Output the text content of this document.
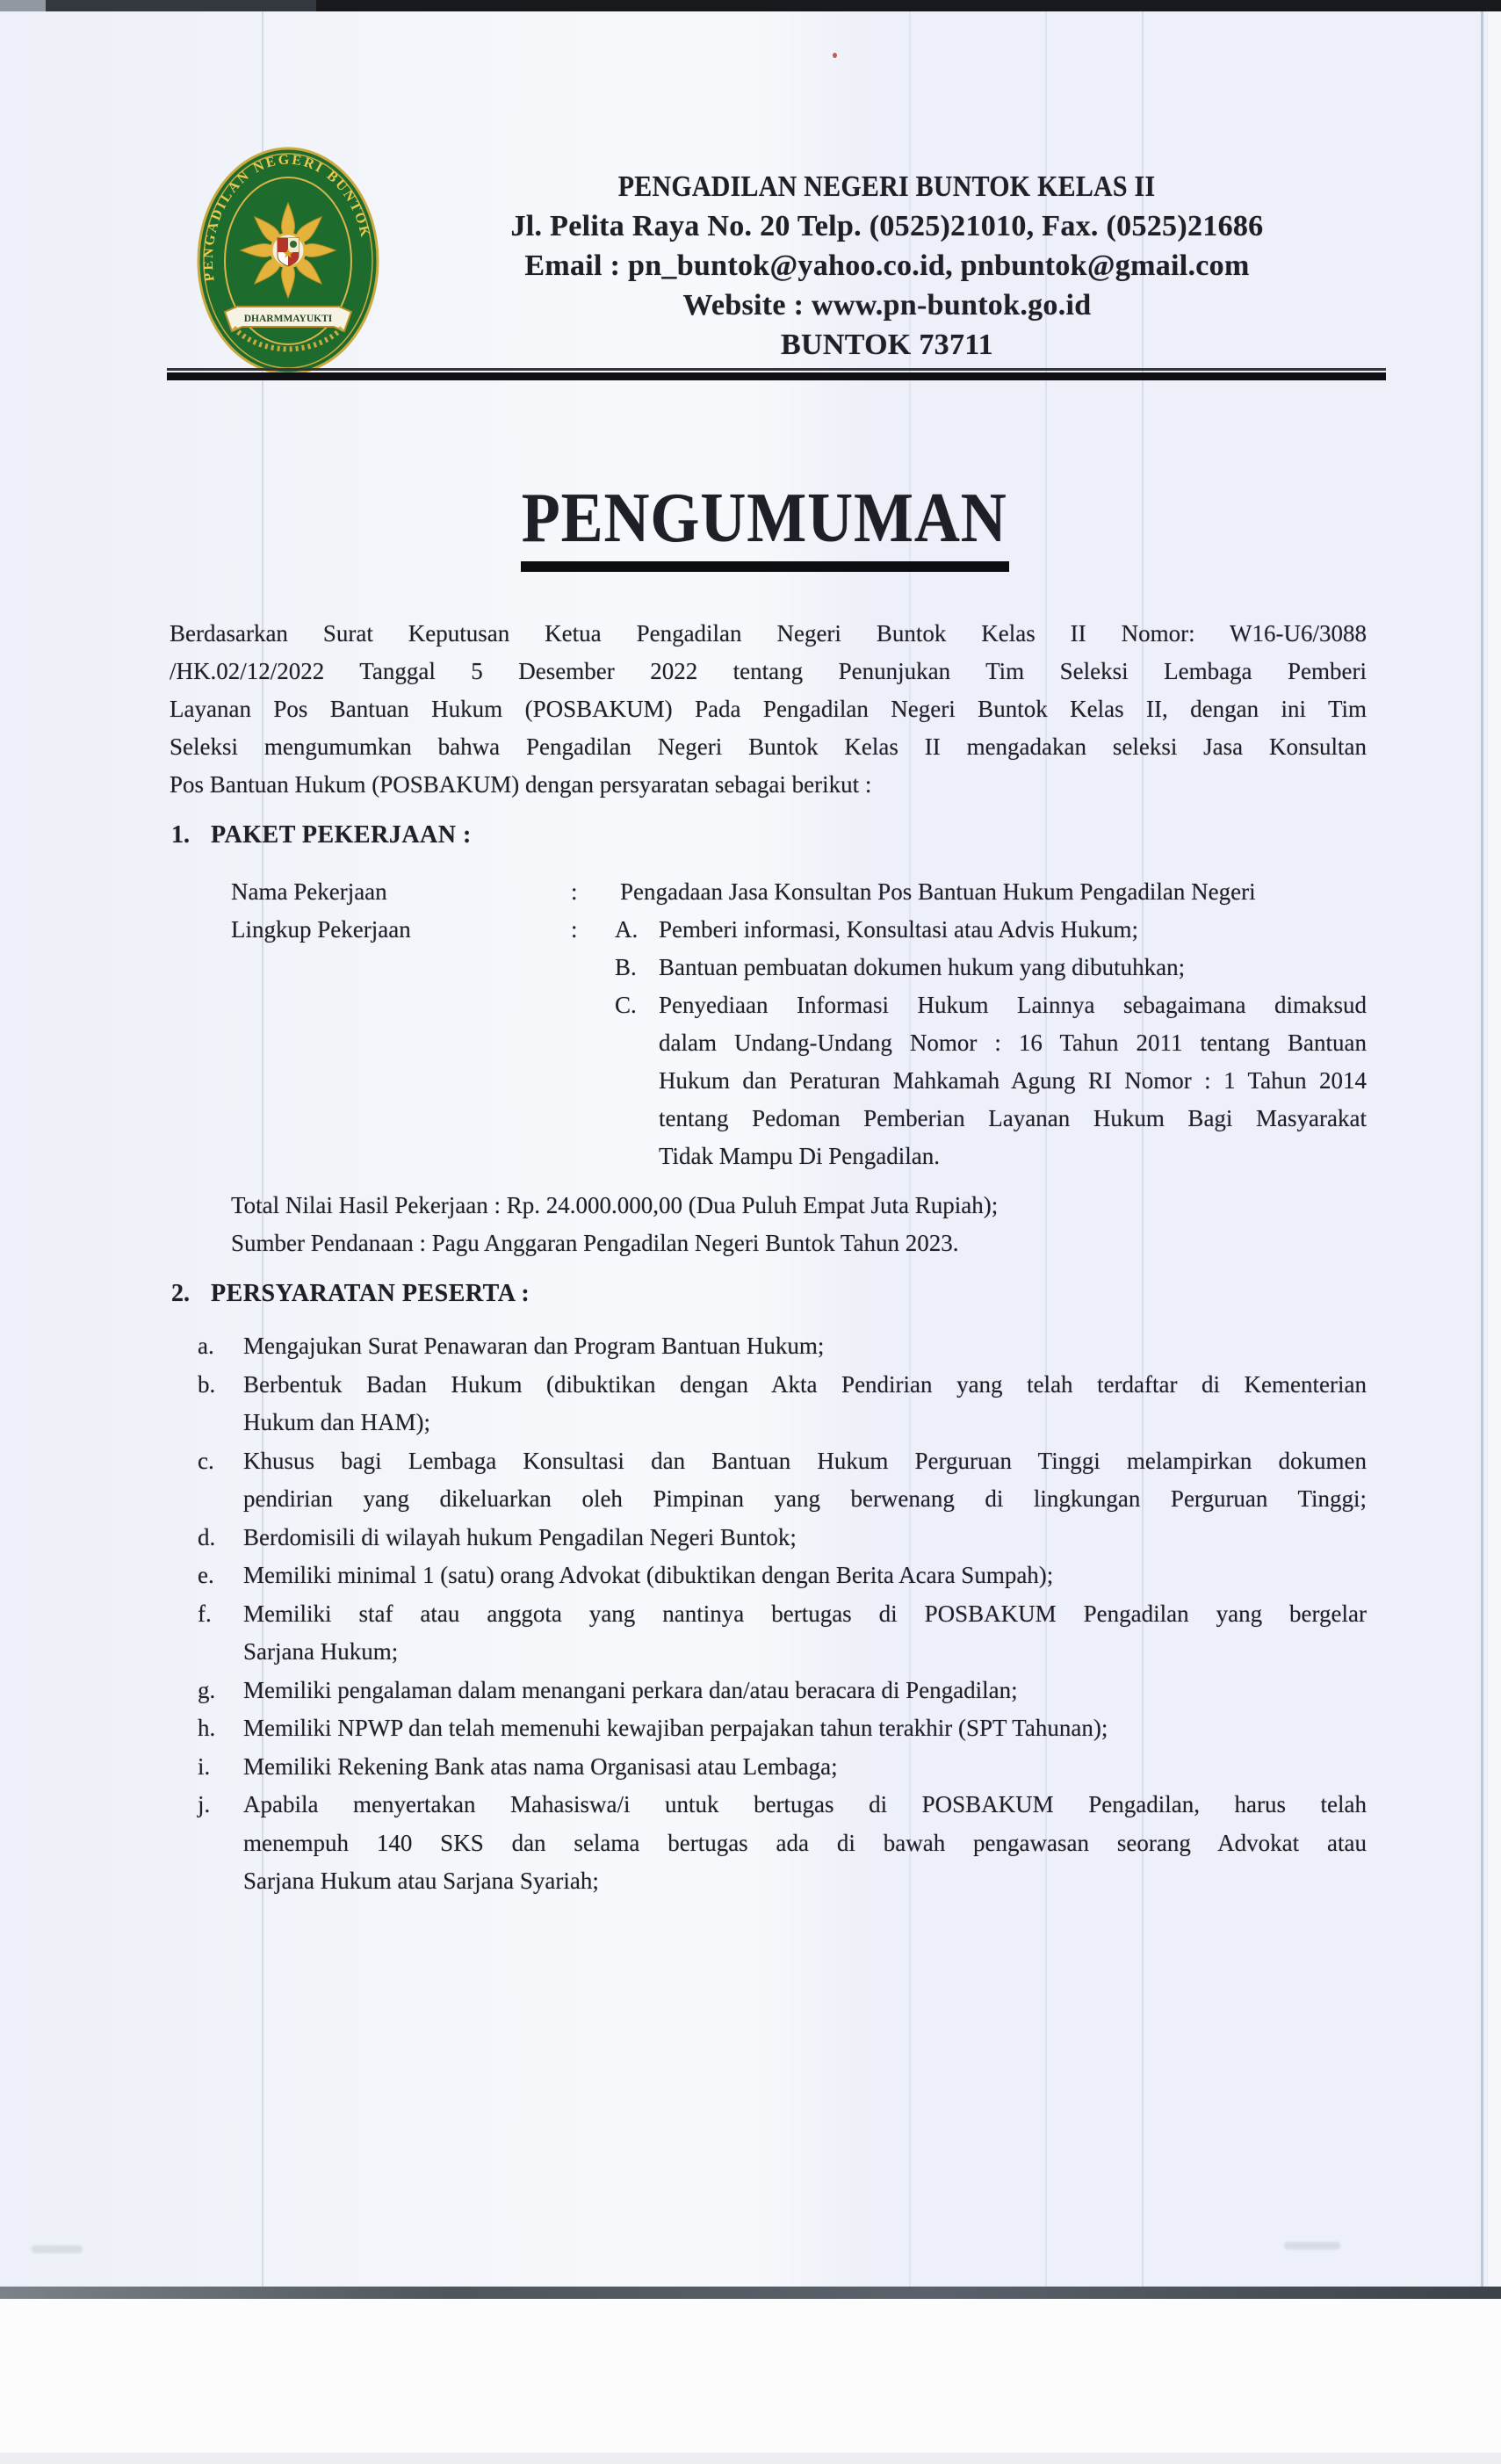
PENGADILAN NEGERI BUNTOK
DHARMMAYUKTI
PENGADILAN NEGERI BUNTOK KELAS II
Jl. Pelita Raya No. 20 Telp. (0525)21010, Fax. (0525)21686
Email : pn_buntok@yahoo.co.id, pnbuntok@gmail.com
Website : www.pn-buntok.go.id
BUNTOK 73711
PENGUMUMAN
Berdasarkan Surat Keputusan Ketua Pengadilan Negeri Buntok Kelas II Nomor: W16-U6/3088
/HK.02/12/2022 Tanggal 5 Desember 2022 tentang Penunjukan Tim Seleksi Lembaga Pemberi
Layanan Pos Bantuan Hukum (POSBAKUM) Pada Pengadilan Negeri Buntok Kelas II, dengan ini Tim
Seleksi mengumumkan bahwa Pengadilan Negeri Buntok Kelas II mengadakan seleksi Jasa Konsultan
Pos Bantuan Hukum (POSBAKUM) dengan persyaratan sebagai berikut :
1. PAKET PEKERJAAN :
Nama Pekerjaan	: Pengadaan Jasa Konsultan Pos Bantuan Hukum Pengadilan Negeri
Lingkup Pekerjaan	: A. Pemberi informasi, Konsultasi atau Advis Hukum;
B. Bantuan pembuatan dokumen hukum yang dibutuhkan;
C. Penyediaan Informasi Hukum Lainnya sebagaimana dimaksud
dalam Undang-Undang Nomor : 16 Tahun 2011 tentang Bantuan
Hukum dan Peraturan Mahkamah Agung RI Nomor : 1 Tahun 2014
tentang Pedoman Pemberian Layanan Hukum Bagi Masyarakat
Tidak Mampu Di Pengadilan.
Total Nilai Hasil Pekerjaan : Rp. 24.000.000,00 (Dua Puluh Empat Juta Rupiah);
Sumber Pendanaan : Pagu Anggaran Pengadilan Negeri Buntok Tahun 2023.
2. PERSYARATAN PESERTA :
a. Mengajukan Surat Penawaran dan Program Bantuan Hukum;
b. Berbentuk Badan Hukum (dibuktikan dengan Akta Pendirian yang telah terdaftar di Kementerian
Hukum dan HAM);
c. Khusus bagi Lembaga Konsultasi dan Bantuan Hukum Perguruan Tinggi melampirkan dokumen
pendirian yang dikeluarkan oleh Pimpinan yang berwenang di lingkungan Perguruan Tinggi;
d. Berdomisili di wilayah hukum Pengadilan Negeri Buntok;
e. Memiliki minimal 1 (satu) orang Advokat (dibuktikan dengan Berita Acara Sumpah);
f. Memiliki staf atau anggota yang nantinya bertugas di POSBAKUM Pengadilan yang bergelar
Sarjana Hukum;
g. Memiliki pengalaman dalam menangani perkara dan/atau beracara di Pengadilan;
h. Memiliki NPWP dan telah memenuhi kewajiban perpajakan tahun terakhir (SPT Tahunan);
i. Memiliki Rekening Bank atas nama Organisasi atau Lembaga;
j. Apabila menyertakan Mahasiswa/i untuk bertugas di POSBAKUM Pengadilan, harus telah
menempuh 140 SKS dan selama bertugas ada di bawah pengawasan seorang Advokat atau
Sarjana Hukum atau Sarjana Syariah;
